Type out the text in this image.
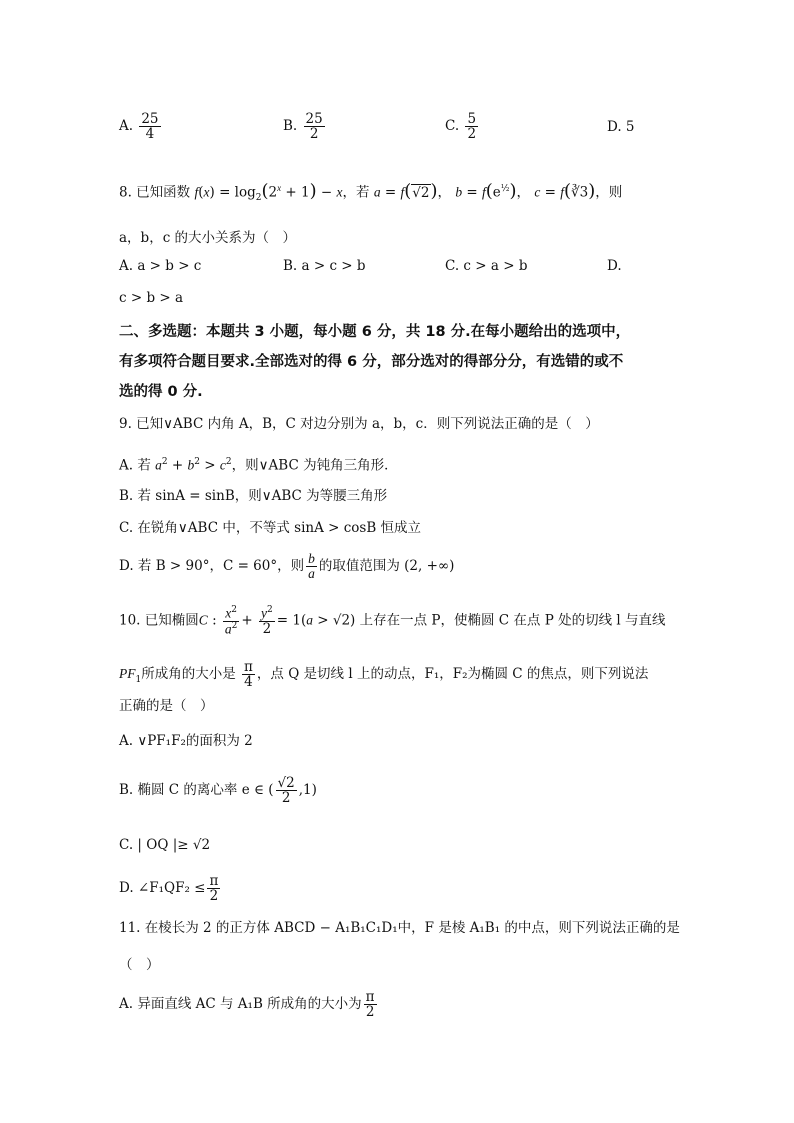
A. $\frac{25}{4}$	B. $\frac{25}{2}$	C. $\frac{5}{2}$	D. 5
8. 已知函数 $f(x) = \log_2(2^x + 1) - x$，若 a = f(√2)， $b = f(e^{\frac{1}{2}})$， c = f(∛3)，则
a，b，c 的大小关系为（　）
A. a > b > c	B. a > c > b	C. c > a > b	D.
c > b > a
二、多选题：本题共 3 小题，每小题 6 分，共 18 分.在每小题给出的选项中，
有多项符合题目要求.全部选对的得 6 分，部分选对的得部分分，有选错的或不
选的得 0 分.
9. 已知∨ABC 内角 A，B，C 对边分别为 a，b，c．则下列说法正确的是（　）
A. 若 $a^2 + b^2 > c^2$，则∨ABC 为钝角三角形．
B. 若 sinA = sinB，则∨ABC 为等腰三角形
C. 在锐角∨ABC 中，不等式 sinA > cosB 恒成立
D. 若 B > 90°，C = 60°，则 $\frac{b}{a}$ 的取值范围为 (2, +∞)
10. 已知椭圆C : $\frac{x^2}{a^2} + \frac{y^2}{2} = 1(a > √2)$ 上存在一点 P，使椭圆 C 在点 P 处的切线 l 与直线
$PF_1$所成角的大小是 $\frac{\pi}{4}$ ，点 Q 是切线 l 上的动点，F₁，F₂为椭圆 C 的焦点，则下列说法
正确的是（　）
A. ∨PF₁F₂的面积为 2
B. 椭圆 C 的离心率 e ∈ ( $\frac{√2}{2} ,1$)
C. | OQ |≥ √2
D. ∠F₁QF₂ ≤ $\frac{\pi}{2}$
11. 在棱长为 2 的正方体 ABCD − A₁B₁C₁D₁中，F 是棱 A₁B₁ 的中点，则下列说法正确的是
（　）
A. 异面直线 AC 与 A₁B 所成角的大小为 $\frac{\pi}{2}$
